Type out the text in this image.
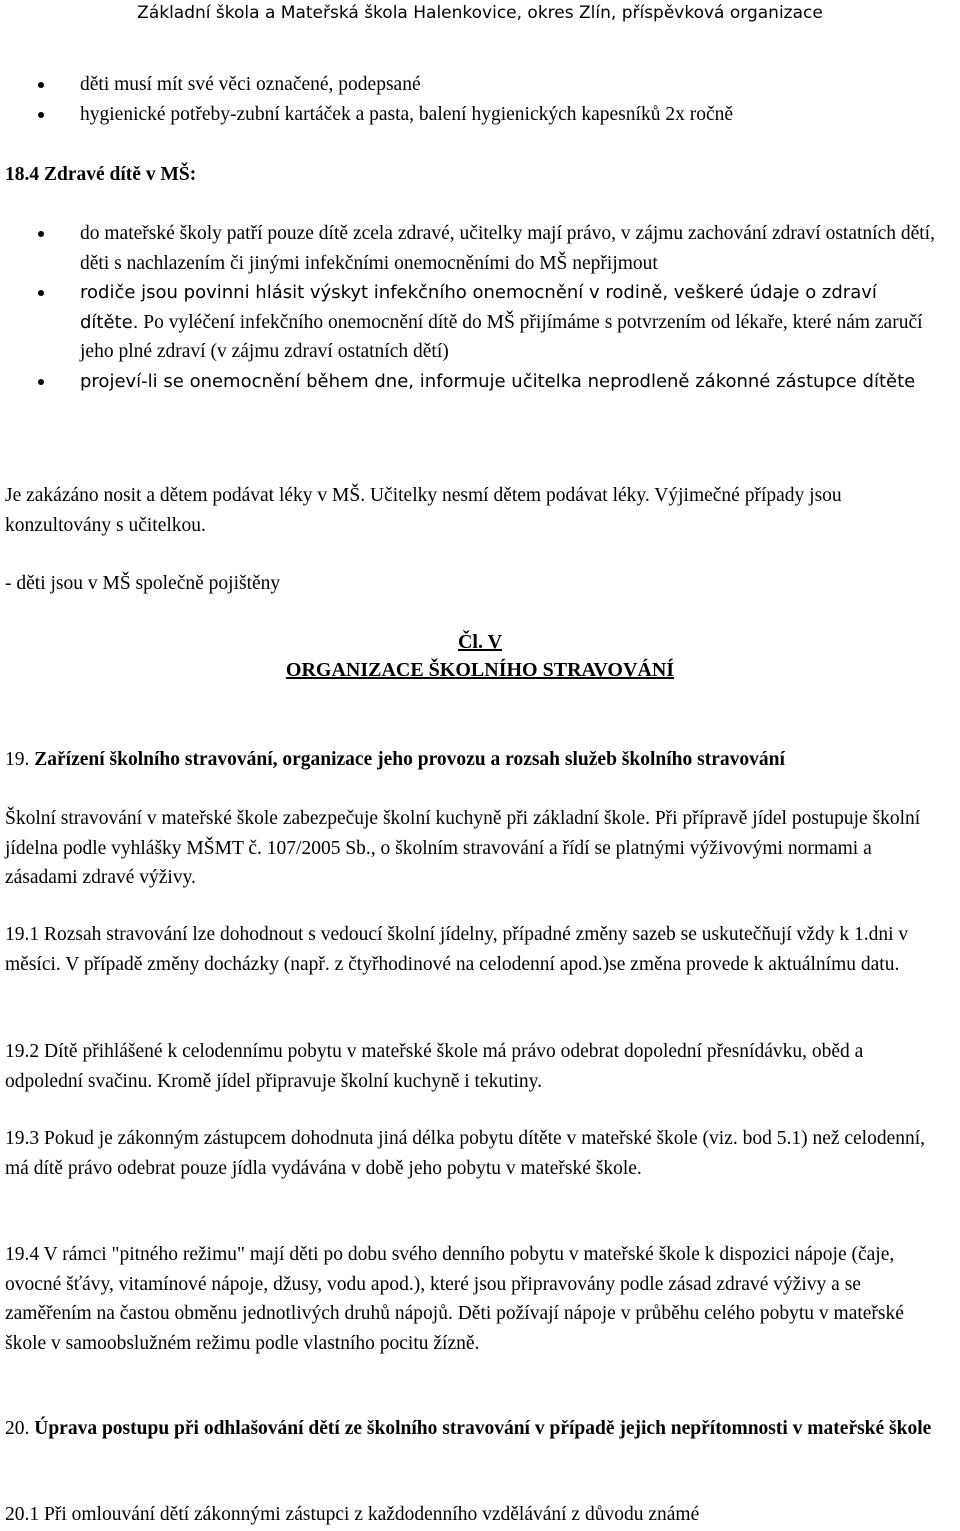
Základní škola a Mateřská škola Halenkovice, okres Zlín, příspěvková organizace
děti musí mít své věci označené, podepsané
hygienické potřeby-zubní kartáček a pasta, balení hygienických kapesníků 2x ročně
18.4 Zdravé dítě v MŠ:
do mateřské školy patří pouze dítě zcela zdravé, učitelky mají právo, v zájmu zachování zdraví ostatních dětí, děti s nachlazením či jinými infekčními onemocněními do MŠ nepřijmout
rodiče jsou povinni hlásit výskyt infekčního onemocnění v rodině, veškeré údaje o zdraví dítěte. Po vyléčení infekčního onemocnění dítě do MŠ přijímáme s potvrzením od lékaře, které nám zaručí jeho plné zdraví (v zájmu zdraví ostatních dětí)
projeví-li se onemocnění během dne, informuje učitelka neprodleně zákonné zástupce dítěte
Je zakázáno nosit a dětem podávat léky v MŠ. Učitelky nesmí dětem podávat léky. Výjimečné případy jsou konzultovány s učitelkou.
- děti jsou v MŠ společně pojištěny
Čl. V
ORGANIZACE ŠKOLNÍHO STRAVOVÁNÍ
19. Zařízení školního stravování, organizace jeho provozu a rozsah služeb školního stravování
Školní stravování v mateřské škole zabezpečuje školní kuchyně při základní škole. Při přípravě jídel postupuje školní jídelna podle vyhlášky MŠMT č. 107/2005 Sb., o školním stravování a řídí se platnými výživovými normami a zásadami zdravé výživy.
19.1 Rozsah stravování lze dohodnout s vedoucí školní jídelny, případné změny sazeb se uskutečňují vždy k 1.dni v měsíci. V případě změny docházky (např. z čtyřhodinové na celodenní apod.)se změna provede k aktuálnímu datu.
19.2 Dítě přihlášené k celodennímu pobytu v mateřské škole má právo odebrat dopolední přesnídávku, oběd a odpolední svačinu. Kromě jídel připravuje školní kuchyně i tekutiny.
19.3 Pokud je zákonným zástupcem dohodnuta jiná délka pobytu dítěte v mateřské škole (viz. bod 5.1) než celodenní, má dítě právo odebrat pouze jídla vydávána v době jeho pobytu v mateřské škole.
19.4 V rámci "pitného režimu" mají děti po dobu svého denního pobytu v mateřské škole k dispozici nápoje (čaje, ovocné šťávy, vitamínové nápoje, džusy, vodu apod.), které jsou připravovány podle zásad zdravé výživy a se zaměřením na častou obměnu jednotlivých druhů nápojů. Děti požívají nápoje v průběhu celého pobytu v mateřské škole v samoobslužném režimu podle vlastního pocitu žízně.
20. Úprava postupu při odhlašování dětí ze školního stravování v případě jejich nepřítomnosti v mateřské škole
20.1 Při omlouvání dětí zákonnými zástupci z každodenního vzdělávání z důvodu známé
